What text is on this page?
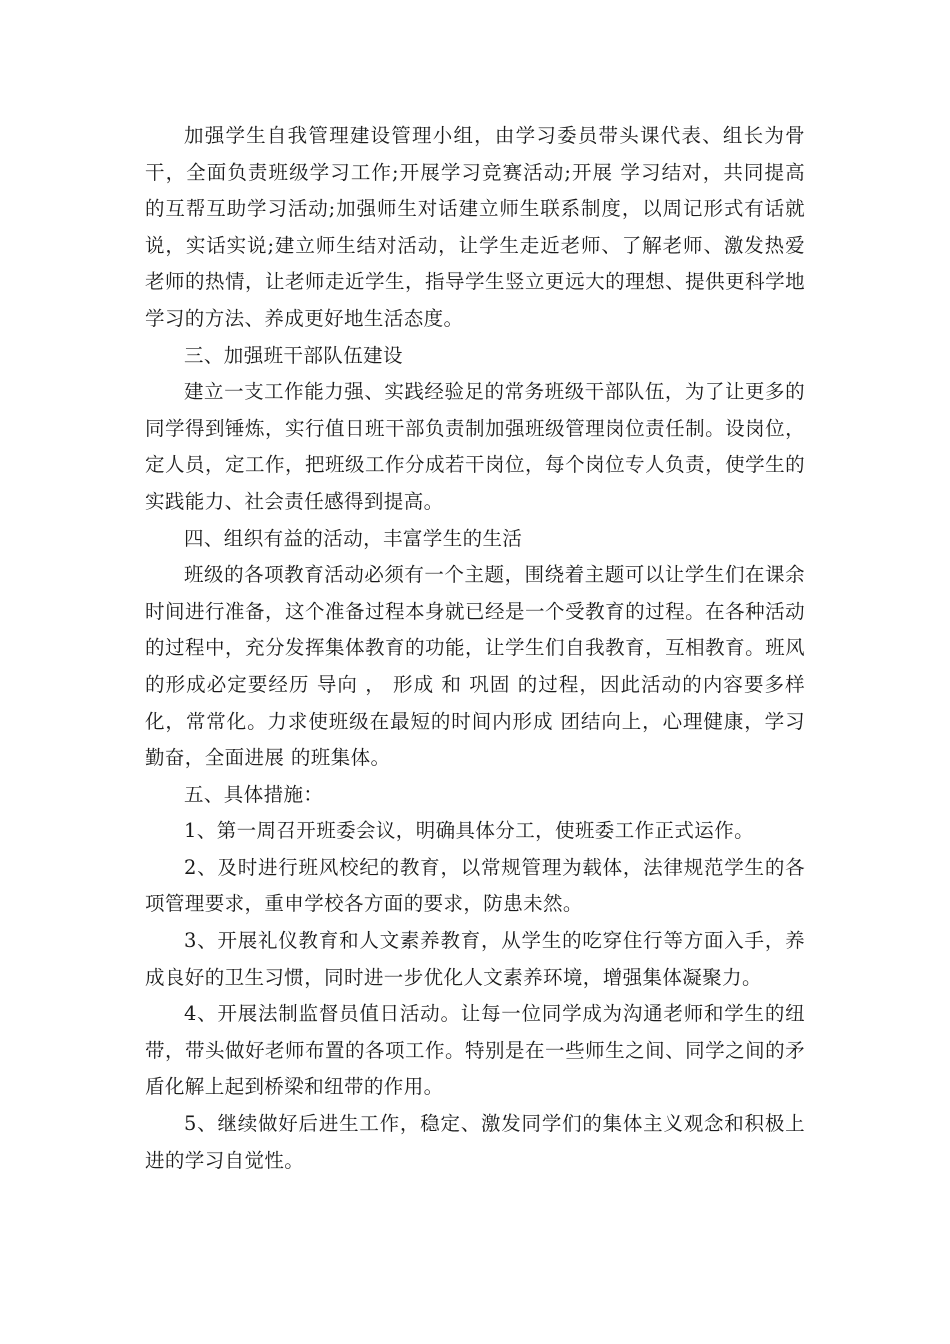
加强学生自我管理建设管理小组，由学习委员带头课代表、组长为骨干，全面负责班级学习工作;开展学习竞赛活动;开展 学习结对，共同提高 的互帮互助学习活动;加强师生对话建立师生联系制度，以周记形式有话就说，实话实说;建立师生结对活动，让学生走近老师、了解老师、激发热爱老师的热情，让老师走近学生，指导学生竖立更远大的理想、提供更科学地学习的方法、养成更好地生活态度。

三、加强班干部队伍建设

建立一支工作能力强、实践经验足的常务班级干部队伍，为了让更多的同学得到锤炼，实行值日班干部负责制加强班级管理岗位责任制。设岗位，定人员，定工作，把班级工作分成若干岗位，每个岗位专人负责，使学生的实践能力、社会责任感得到提高。

四、组织有益的活动，丰富学生的生活

班级的各项教育活动必须有一个主题，围绕着主题可以让学生们在课余时间进行准备，这个准备过程本身就已经是一个受教育的过程。在各种活动的过程中，充分发挥集体教育的功能，让学生们自我教育，互相教育。班风的形成必定要经历 导向 ， 形成 和 巩固 的过程，因此活动的内容要多样化，常常化。力求使班级在最短的时间内形成 团结向上，心理健康，学习勤奋，全面进展 的班集体。

五、具体措施：

1、第一周召开班委会议，明确具体分工，使班委工作正式运作。

2、及时进行班风校纪的教育，以常规管理为载体，法律规范学生的各项管理要求，重申学校各方面的要求，防患未然。

3、开展礼仪教育和人文素养教育，从学生的吃穿住行等方面入手，养成良好的卫生习惯，同时进一步优化人文素养环境，增强集体凝聚力。

4、开展法制监督员值日活动。让每一位同学成为沟通老师和学生的纽带，带头做好老师布置的各项工作。特别是在一些师生之间、同学之间的矛盾化解上起到桥梁和纽带的作用。

5、继续做好后进生工作，稳定、激发同学们的集体主义观念和积极上进的学习自觉性。
